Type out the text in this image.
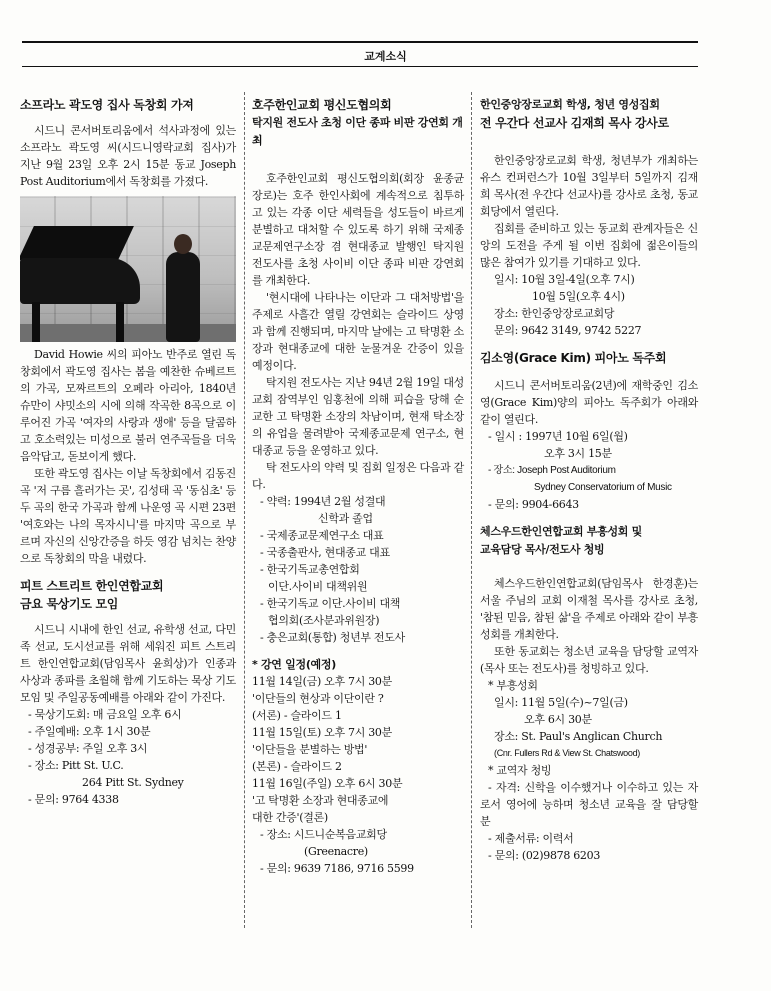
교계소식
소프라노 곽도영 집사 독창회 가져

시드니 콘서버토리움에서 석사과정에 있는 소프라노 곽도영 씨(시드니영락교회 집사)가 지난 9월 23일 오후 2시 15분 동교 Joseph Post Auditorium에서 독창회를 가졌다.

David Howie 씨의 피아노 반주로 열린 독창회에서 곽도영 집사는 봄을 예찬한 슈베르트의 가곡, 모짜르트의 오페라 아리아, 1840년 슈만이 샤밋소의 시에 의해 작곡한 8곡으로 이루어진 가곡 '여자의 사랑과 생애' 등을 달콤하고 호소력있는 미성으로 불러 연주곡들을 더욱 음악답고, 돋보이게 했다.

또한 곽도영 집사는 이날 독창회에서 김동진 곡 '저 구름 흘러가는 곳', 김성태 곡 '동심초' 등 두 곡의 한국 가곡과 함께 나운영 곡 시편 23편 '여호와는 나의 목자시니'를 마지막 곡으로 부르며 자신의 신앙간증을 하듯 영감 넘치는 찬양으로 독창회의 막을 내렸다.

피트 스트리트 한인연합교회
금요 묵상기도 모임

시드니 시내에 한인 선교, 유학생 선교, 다민족 선교, 도시선교를 위해 세워진 피트 스트리트 한인연합교회(담임목사 윤희상)가 인종과 사상과 종파를 초월해 함께 기도하는 묵상 기도모임 및 주일공동예배를 아래와 같이 가진다.

- 묵상기도회: 매 금요일 오후 6시
- 주일예배: 오후 1시 30분
- 성경공부: 주일 오후 3시
- 장소: Pitt St. U.C.
264 Pitt St. Sydney
- 문의: 9764 4338
호주한인교회 평신도협의회
탁지원 전도사 초청 이단 종파 비판 강연회 개최

호주한인교회 평신도협의회(회장 윤종균 장로)는 호주 한인사회에 계속적으로 침투하고 있는 각종 이단 세력들을 성도들이 바르게 분별하고 대처할 수 있도록 하기 위해 국제종교문제연구소장 겸 현대종교 발행인 탁지원 전도사를 초청 사이비 이단 종파 비판 강연회를 개최한다.

'현시대에 나타나는 이단과 그 대처방법'을 주제로 사흘간 열릴 강연회는 슬라이드 상영과 함께 진행되며, 마지막 날에는 고 탁명환 소장과 현대종교에 대한 눈물겨운 간증이 있을 예정이다.

탁지원 전도사는 지난 94년 2월 19일 대성교회 잠역부인 임홍천에 의해 피습을 당해 순교한 고 탁명환 소장의 차남이며, 현재 탁소장의 유업을 물려받아 국제종교문제 연구소, 현대종교 등을 운영하고 있다.

탁 전도사의 약력 및 집회 일정은 다음과 같다.

- 약력: 1994년 2월 성결대
신학과 졸업
- 국제종교문제연구소 대표
- 국종출판사, 현대종교 대표
- 한국기독교총연합회
이단.사이비 대책위원
- 한국기독교 이단.사이비 대책
협의회(조사분과위원장)
- 충은교회(통합) 청년부 전도사
* 강연 일정(예정)
11월 14일(금) 오후 7시 30분
'이단들의 현상과 이단이란 ?
(서론) - 슬라이드 1
11월 15일(토) 오후 7시 30분
'이단들을 분별하는 방법'
(본론) - 슬라이드 2
11월 16일(주일) 오후 6시 30분
'고 탁명환 소장과 현대종교에
대한 간증'(결론)
- 장소: 시드니순복음교회당
(Greenacre)
- 문의: 9639 7186, 9716 5599
한인중앙장로교회 학생, 청년 영성집회
전 우간다 선교사 김재희 목사 강사로

한인중앙장로교회 학생, 청년부가 개최하는 유스 컨퍼런스가 10월 3일부터 5일까지 김재희 목사(전 우간다 선교사)를 강사로 초청, 동교회당에서 열린다.

집회를 준비하고 있는 동교회 관계자들은 신앙의 도전을 주게 될 이번 집회에 젊은이들의 많은 참여가 있기를 기대하고 있다.

일시: 10월 3일-4일(오후 7시)
10월 5일(오후 4시)
장소: 한인중앙장로교회당
문의: 9642 3149, 9742 5227
김소영(Grace Kim) 피아노 독주회

시드니 콘서버토리움(2년)에 재학중인 김소영(Grace Kim)양의 피아노 독주회가 아래와 같이 열린다.

- 일시 : 1997년 10월 6일(월)
오후 3시 15분
- 장소: Joseph Post Auditorium
Sydney Conservatorium of Music
- 문의: 9904-6643
체스우드한인연합교회 부흥성회 및
교육담당 목사/전도사 청빙

체스우드한인연합교회(담임목사 한경훈)는 서울 주님의 교회 이재철 목사를 강사로 초청, '참된 믿음, 참된 삶'을 주제로 아래와 같이 부흥성회를 개최한다.

또한 동교회는 청소년 교육을 담당할 교역자(목사 또는 전도사)를 청빙하고 있다.

* 부흥성회
일시: 11월 5일(수)~7일(금)
오후 6시 30분
장소: St. Paul's Anglican Church
(Cnr. Fullers Rd & View St. Chatswood)
* 교역자 청빙

- 자격: 신학을 이수했거나 이수하고 있는 자로서 영어에 능하며 청소년 교육을 잘 담당할 분

- 제출서류: 이력서
- 문의: (02)9878 6203
